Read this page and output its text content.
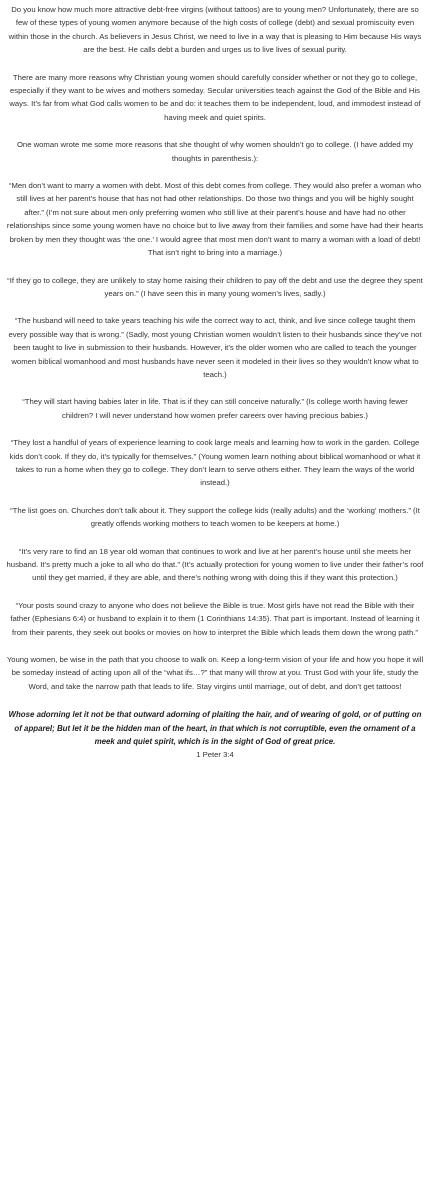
Do you know how much more attractive debt-free virgins (without tattoos) are to young men? Unfortunately, there are so few of these types of young women anymore because of the high costs of college (debt) and sexual promiscuity even within those in the church. As believers in Jesus Christ, we need to live in a way that is pleasing to Him because His ways are the best. He calls debt a burden and urges us to live lives of sexual purity.

There are many more reasons why Christian young women should carefully consider whether or not they go to college, especially if they want to be wives and mothers someday. Secular universities teach against the God of the Bible and His ways. It’s far from what God calls women to be and do: it teaches them to be independent, loud, and immodest instead of having meek and quiet spirits.

One woman wrote me some more reasons that she thought of why women shouldn’t go to college. (I have added my thoughts in parenthesis.):

“Men don’t want to marry a women with debt. Most of this debt comes from college. They would also prefer a woman who still lives at her parent’s house that has not had other relationships. Do those two things and you will be highly sought after.” (I’m not sure about men only preferring women who still live at their parent’s house and have had no other relationships since some young women have no choice but to live away from their families and some have had their hearts broken by men they thought was ‘the one.’ I would agree that most men don’t want to marry a woman with a load of debt! That isn’t right to bring into a marriage.)

“If they go to college, they are unlikely to stay home raising their children to pay off the debt and use the degree they spent years on.” (I have seen this in many young women’s lives, sadly.)

“The husband will need to take years teaching his wife the correct way to act, think, and live since college taught them every possible way that is wrong.” (Sadly, most young Christian women wouldn’t listen to their husbands since they’ve not been taught to live in submission to their husbands. However, it’s the older women who are called to teach the younger women biblical womanhood and most husbands have never seen it modeled in their lives so they wouldn’t know what to teach.)

“They will start having babies later in life. That is if they can still conceive naturally.” (Is college worth having fewer children? I will never understand how women prefer careers over having precious babies.)

“They lost a handful of years of experience learning to cook large meals and learning how to work in the garden. College kids don’t cook. If they do, it’s typically for themselves.” (Young women learn nothing about biblical womanhood or what it takes to run a home when they go to college. They don’t learn to serve others either. They learn the ways of the world instead.)

“The list goes on. Churches don’t talk about it. They support the college kids (really adults) and the ‘working’ mothers.” (It greatly offends working mothers to teach women to be keepers at home.)

“It’s very rare to find an 18 year old woman that continues to work and live at her parent’s house until she meets her husband. It’s pretty much a joke to all who do that.” (It’s actually protection for young women to live under their father’s roof until they get married, if they are able, and there’s nothing wrong with doing this if they want this protection.)

“Your posts sound crazy to anyone who does not believe the Bible is true. Most girls have not read the Bible with their father (Ephesians 6:4) or husband to explain it to them (1 Corinthians 14:35). That part is important. Instead of learning it from their parents, they seek out books or movies on how to interpret the Bible which leads them down the wrong path.”

Young women, be wise in the path that you choose to walk on. Keep a long-term vision of your life and how you hope it will be someday instead of acting upon all of the “what ifs…?” that many will throw at you. Trust God with your life, study the Word, and take the narrow path that leads to life. Stay virgins until marriage, out of debt, and don’t get tattoos!

Whose adorning let it not be that outward adorning of plaiting the hair, and of wearing of gold, or of putting on of apparel; But let it be the hidden man of the heart, in that which is not corruptible, even the ornament of a meek and quiet spirit, which is in the sight of God of great price.

1 Peter 3:4
